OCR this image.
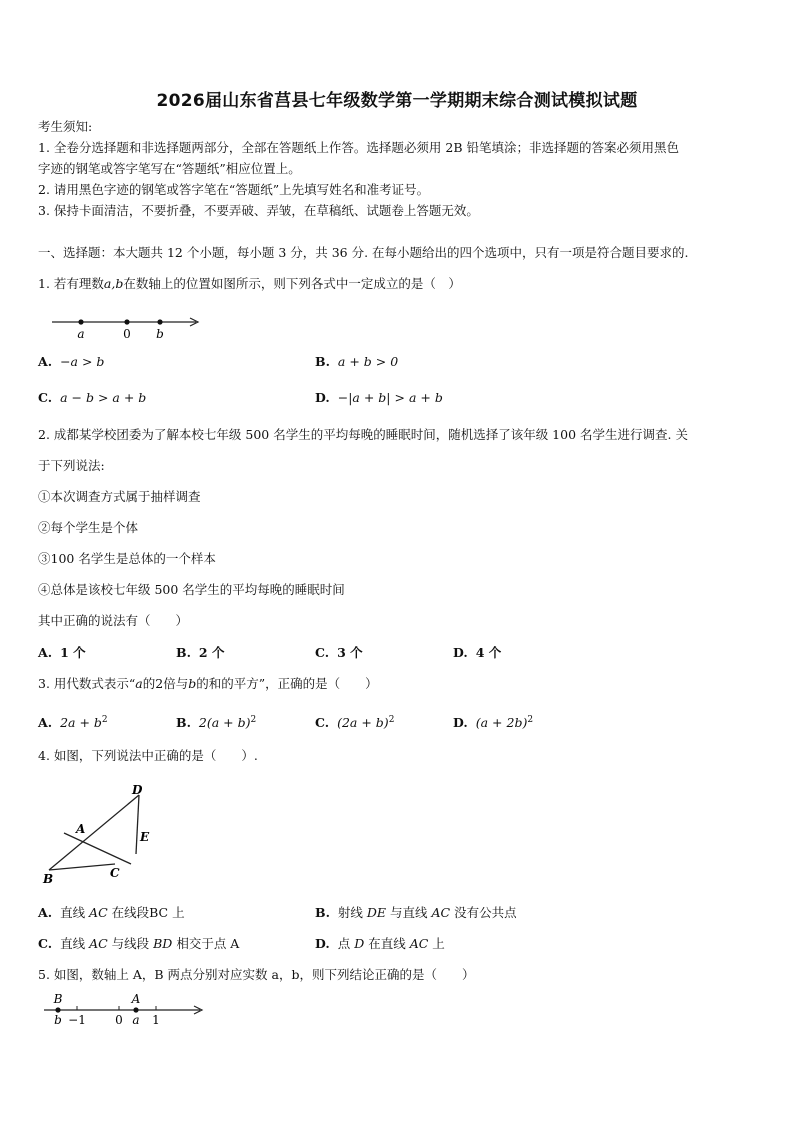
2026届山东省莒县七年级数学第一学期期末综合测试模拟试题
考生须知:
1. 全卷分选择题和非选择题两部分，全部在答题纸上作答。选择题必须用 2B 铅笔填涂；非选择题的答案必须用黑色
字迹的钢笔或答字笔写在“答题纸”相应位置上。
2. 请用黑色字迹的钢笔或答字笔在“答题纸”上先填写姓名和准考证号。
3. 保持卡面清洁，不要折叠，不要弄破、弄皱，在草稿纸、试题卷上答题无效。
一、选择题：本大题共 12 个小题，每小题 3 分，共 36 分. 在每小题给出的四个选项中，只有一项是符合题目要求的.
1. 若有理数a,b在数轴上的位置如图所示，则下列各式中一定成立的是（　）
a	0 b
A. −a > b	B. a + b > 0
C. a − b > a + b	D. −|a + b| > a + b
2. 成都某学校团委为了解本校七年级 500 名学生的平均每晚的睡眠时间，随机选择了该年级 100 名学生进行调查. 关
于下列说法:
①本次调查方式属于抽样调查
②每个学生是个体
③100 名学生是总体的一个样本
④总体是该校七年级 500 名学生的平均每晚的睡眠时间
其中正确的说法有（　　）
A. 1 个	B. 2 个	C. 3 个	D. 4 个
3. 用代数式表示“a的2倍与b的和的平方”，正确的是（　　）
A. $2a + b^2$	B. $2(a + b)^2$	C. $(2a + b)^2$	D. $(a + 2b)^2$
4. 如图，下列说法中正确的是（　　）.
D
A
E
B	C
A. 直线 AC 在线段BC 上	B. 射线 DE 与直线 AC 没有公共点
C. 直线 AC 与线段 BD 相交于点 A	D. 点 D 在直线 AC 上
5. 如图，数轴上 A，B 两点分别对应实数 a，b，则下列结论正确的是（　　）
B	A
b −1 0 a 1
